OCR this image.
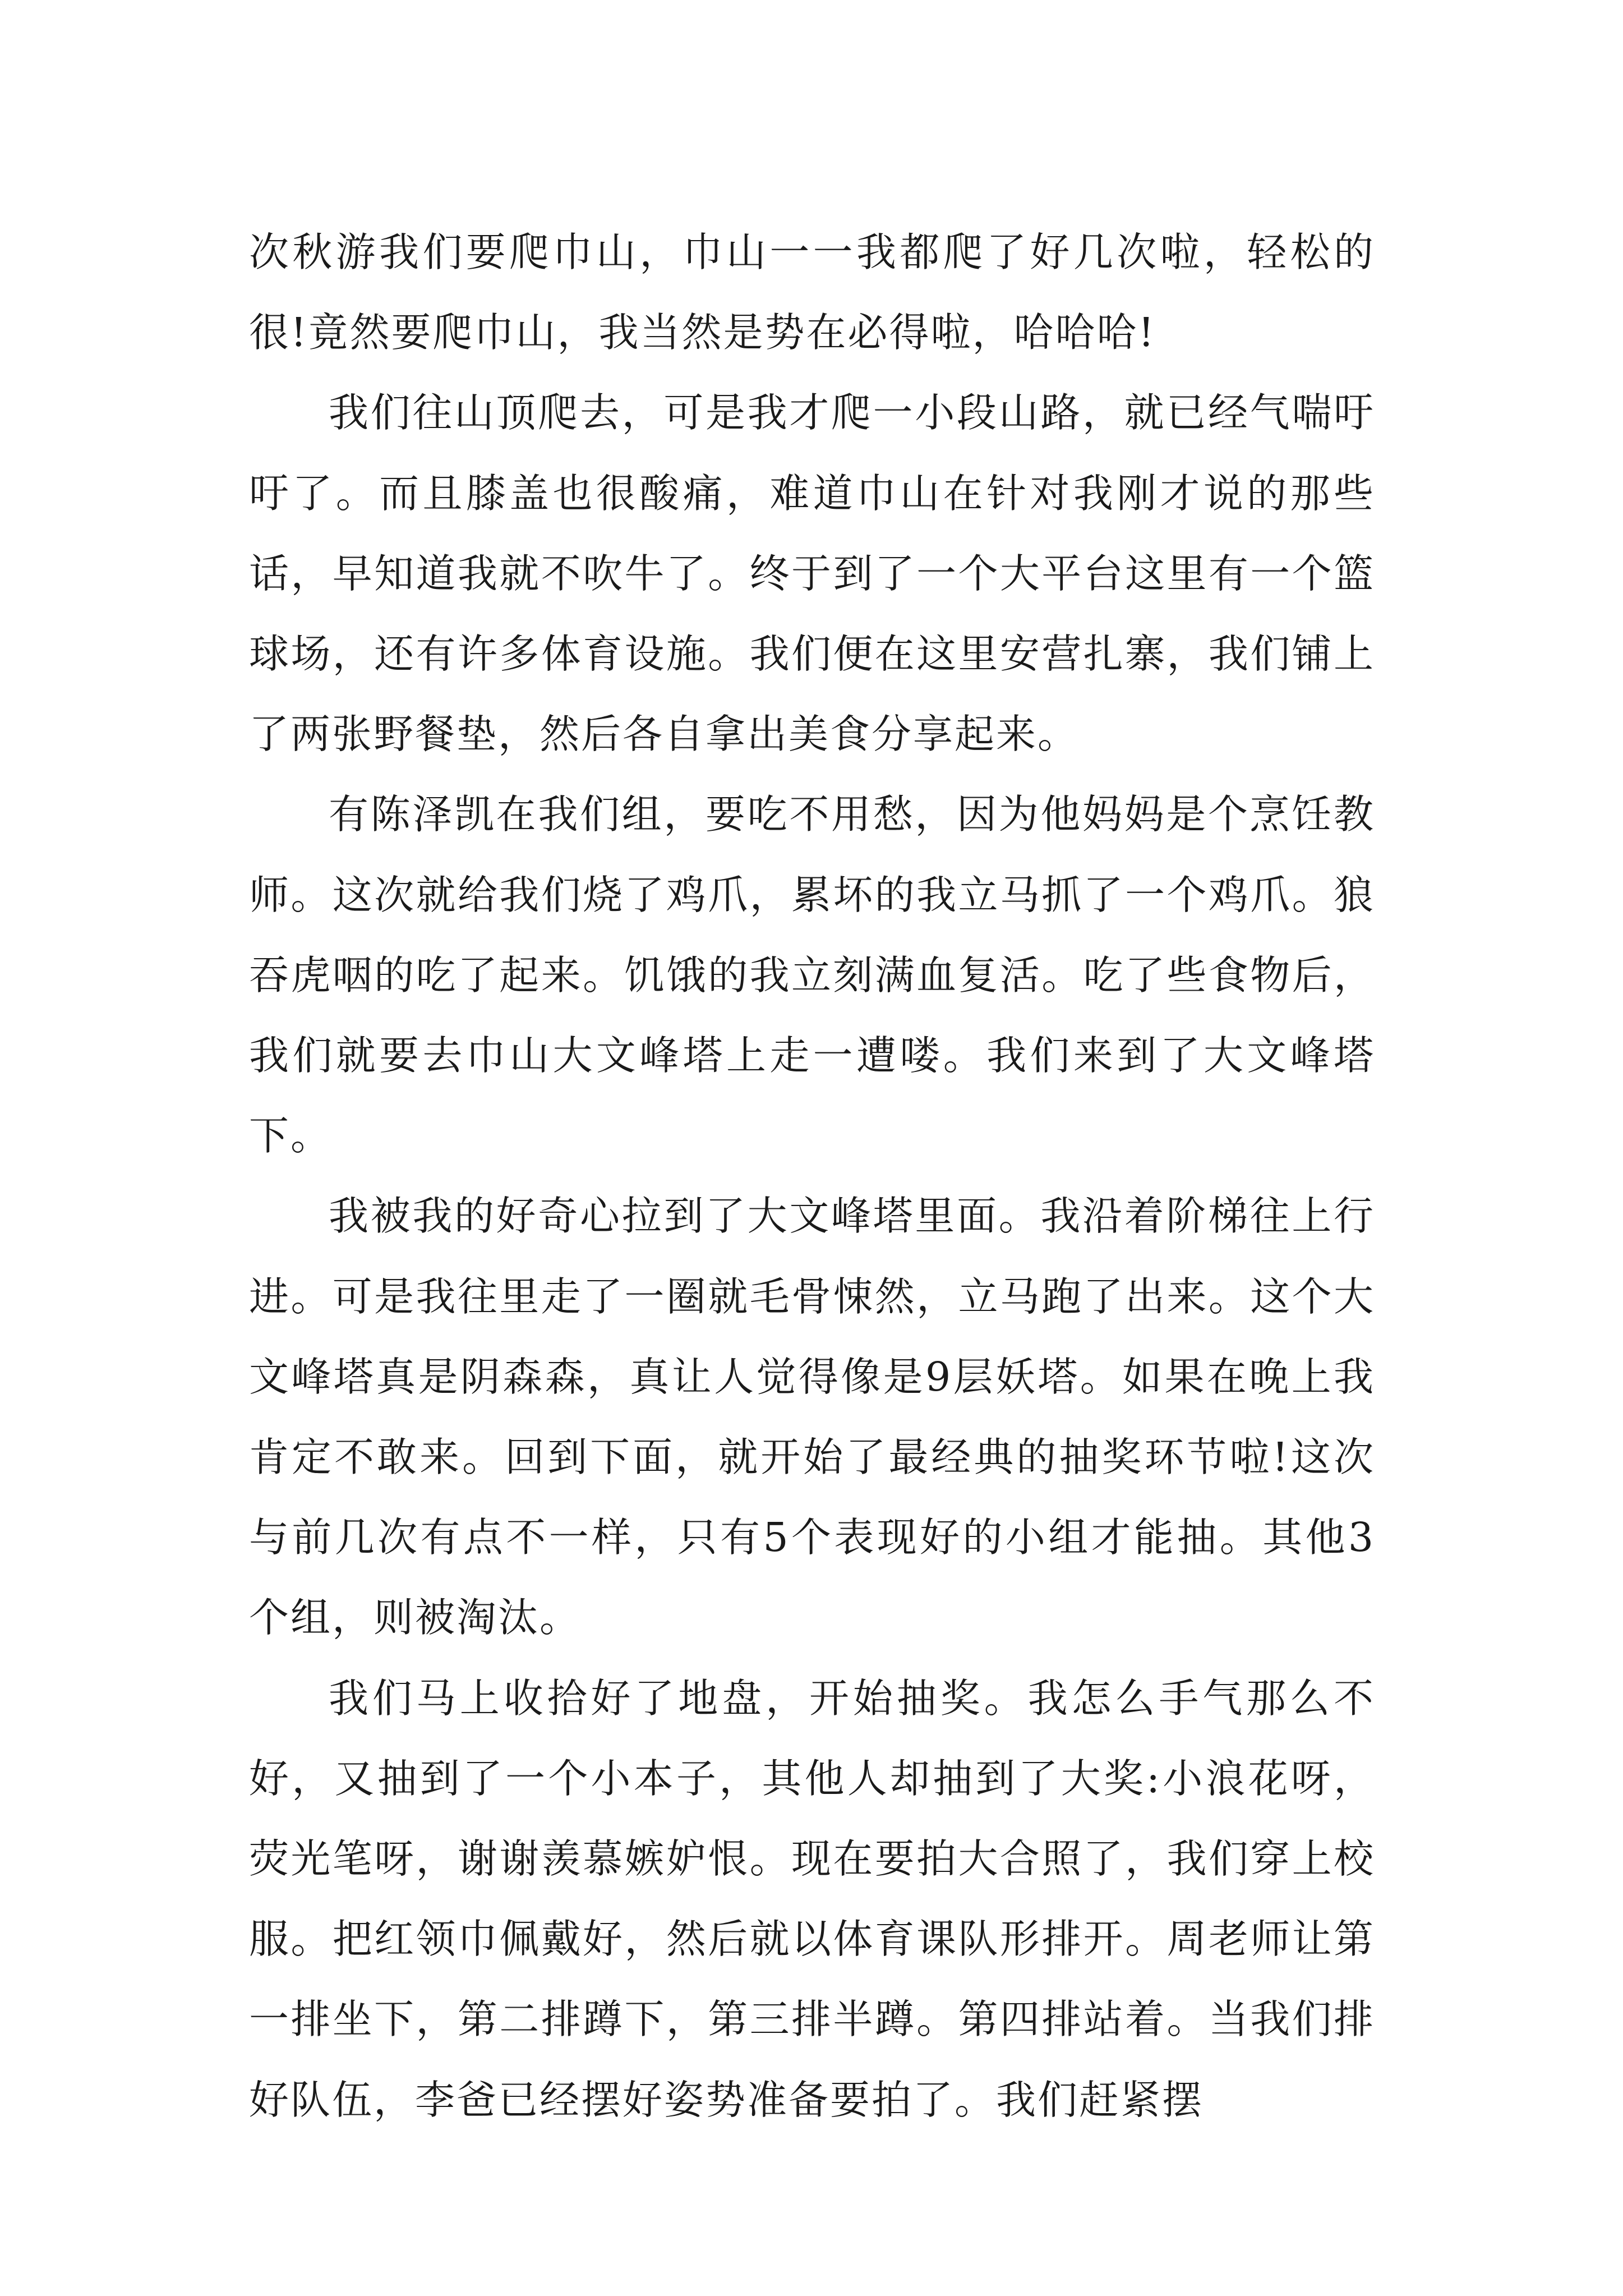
次秋游我们要爬巾山，巾山一一我都爬了好几次啦，轻松的很!竟然要爬巾山，我当然是势在必得啦，哈哈哈!

我们往山顶爬去，可是我才爬一小段山路，就已经气喘吁吁了。而且膝盖也很酸痛，难道巾山在针对我刚才说的那些话，早知道我就不吹牛了。终于到了一个大平台这里有一个篮球场，还有许多体育设施。我们便在这里安营扎寨，我们铺上了两张野餐垫，然后各自拿出美食分享起来。

有陈泽凯在我们组，要吃不用愁，因为他妈妈是个烹饪教师。这次就给我们烧了鸡爪，累坏的我立马抓了一个鸡爪。狼吞虎咽的吃了起来。饥饿的我立刻满血复活。吃了些食物后，我们就要去巾山大文峰塔上走一遭喽。我们来到了大文峰塔下。

我被我的好奇心拉到了大文峰塔里面。我沿着阶梯往上行进。可是我往里走了一圈就毛骨悚然，立马跑了出来。这个大文峰塔真是阴森森，真让人觉得像是9层妖塔。如果在晚上我肯定不敢来。回到下面，就开始了最经典的抽奖环节啦!这次与前几次有点不一样，只有5个表现好的小组才能抽。其他3个组，则被淘汰。

我们马上收拾好了地盘，开始抽奖。我怎么手气那么不好，又抽到了一个小本子，其他人却抽到了大奖:小浪花呀，荧光笔呀，谢谢羡慕嫉妒恨。现在要拍大合照了，我们穿上校服。把红领巾佩戴好，然后就以体育课队形排开。周老师让第一排坐下，第二排蹲下，第三排半蹲。第四排站着。当我们排好队伍，李爸已经摆好姿势准备要拍了。我们赶紧摆
